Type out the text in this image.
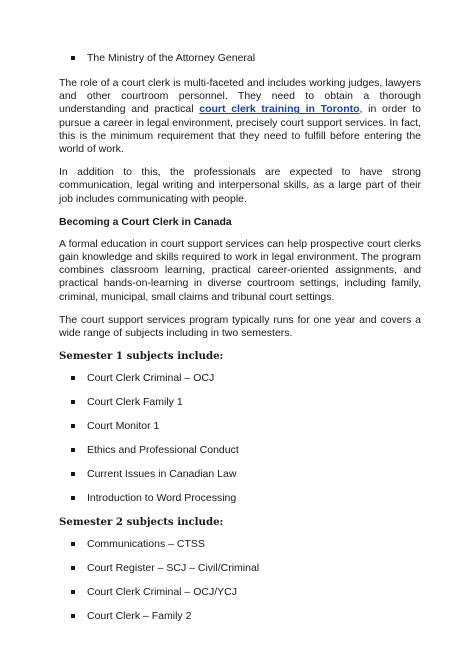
The Ministry of the Attorney General

The role of a court clerk is multi-faceted and includes working judges, lawyers and other courtroom personnel. They need to obtain a thorough understanding and practical court clerk training in Toronto, in order to pursue a career in legal environment, precisely court support services. In fact, this is the minimum requirement that they need to fulfill before entering the world of work.

In addition to this, the professionals are expected to have strong communication, legal writing and interpersonal skills, as a large part of their job includes communicating with people.

Becoming a Court Clerk in Canada

A formal education in court support services can help prospective court clerks gain knowledge and skills required to work in legal environment. The program combines classroom learning, practical career-oriented assignments, and practical hands-on-learning in diverse courtroom settings, including family, criminal, municipal, small claims and tribunal court settings.

The court support services program typically runs for one year and covers a wide range of subjects including in two semesters.

Semester 1 subjects include:
Court Clerk Criminal – OCJ
Court Clerk Family 1
Court Monitor 1
Ethics and Professional Conduct
Current Issues in Canadian Law
Introduction to Word Processing
Semester 2 subjects include:
Communications – CTSS
Court Register – SCJ – Civil/Criminal
Court Clerk Criminal – OCJ/YCJ
Court Clerk – Family 2
